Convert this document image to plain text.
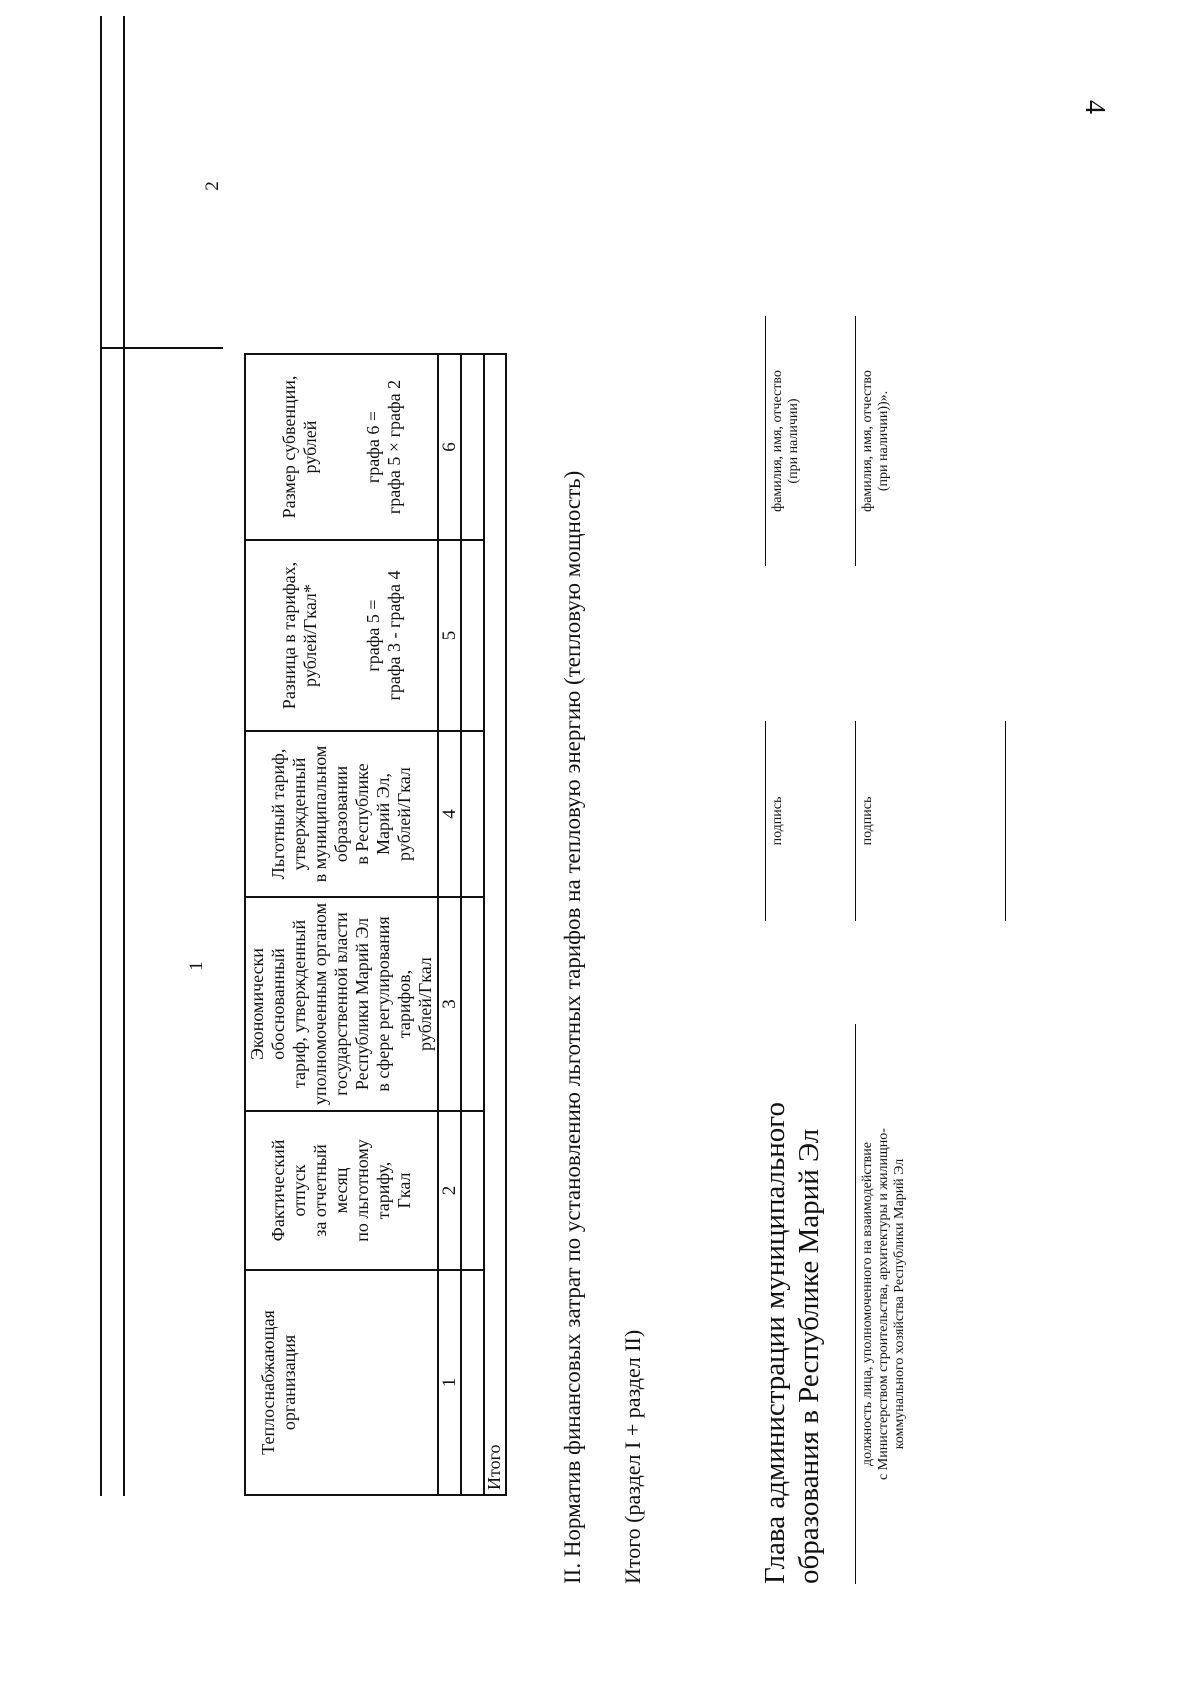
4
1
2
Теплоснабжающая
организация
Фактический
отпуск
за отчетный
месяц
по льготному
тарифу,
Гкал
Экономически обоснованный
тариф, утвержденный
уполномоченным органом
государственной власти
Республики Марий Эл
в сфере регулирования
тарифов,
рублей/Гкал
Льготный тариф,
утвержденный
в муниципальном
образовании
в Республике
Марий Эл,
рублей/Гкал
Разница в тарифах,
рублей/Гкал*

графа 5 =
графа 3 - графа 4
Размер субвенции,
рублей

графа 6 =
графа 5 × графа 2
1
2
3
4
5
6
Итого II. Норматив финансовых затрат по установлению льготных тарифов на тепловую энергию (тепловую мощность) Итого (раздел I + раздел II)	Глава администрации муниципального
образования в Республике Марий Эл
подпись
фамилия, имя, отчество
(при наличии)
должность лица, уполномоченного на взаимодействие
с Министерством строительства, архитектуры и жилищно-
коммунального хозяйства Республики Марий Эл
подпись
фамилия, имя, отчество
(при наличии))».
